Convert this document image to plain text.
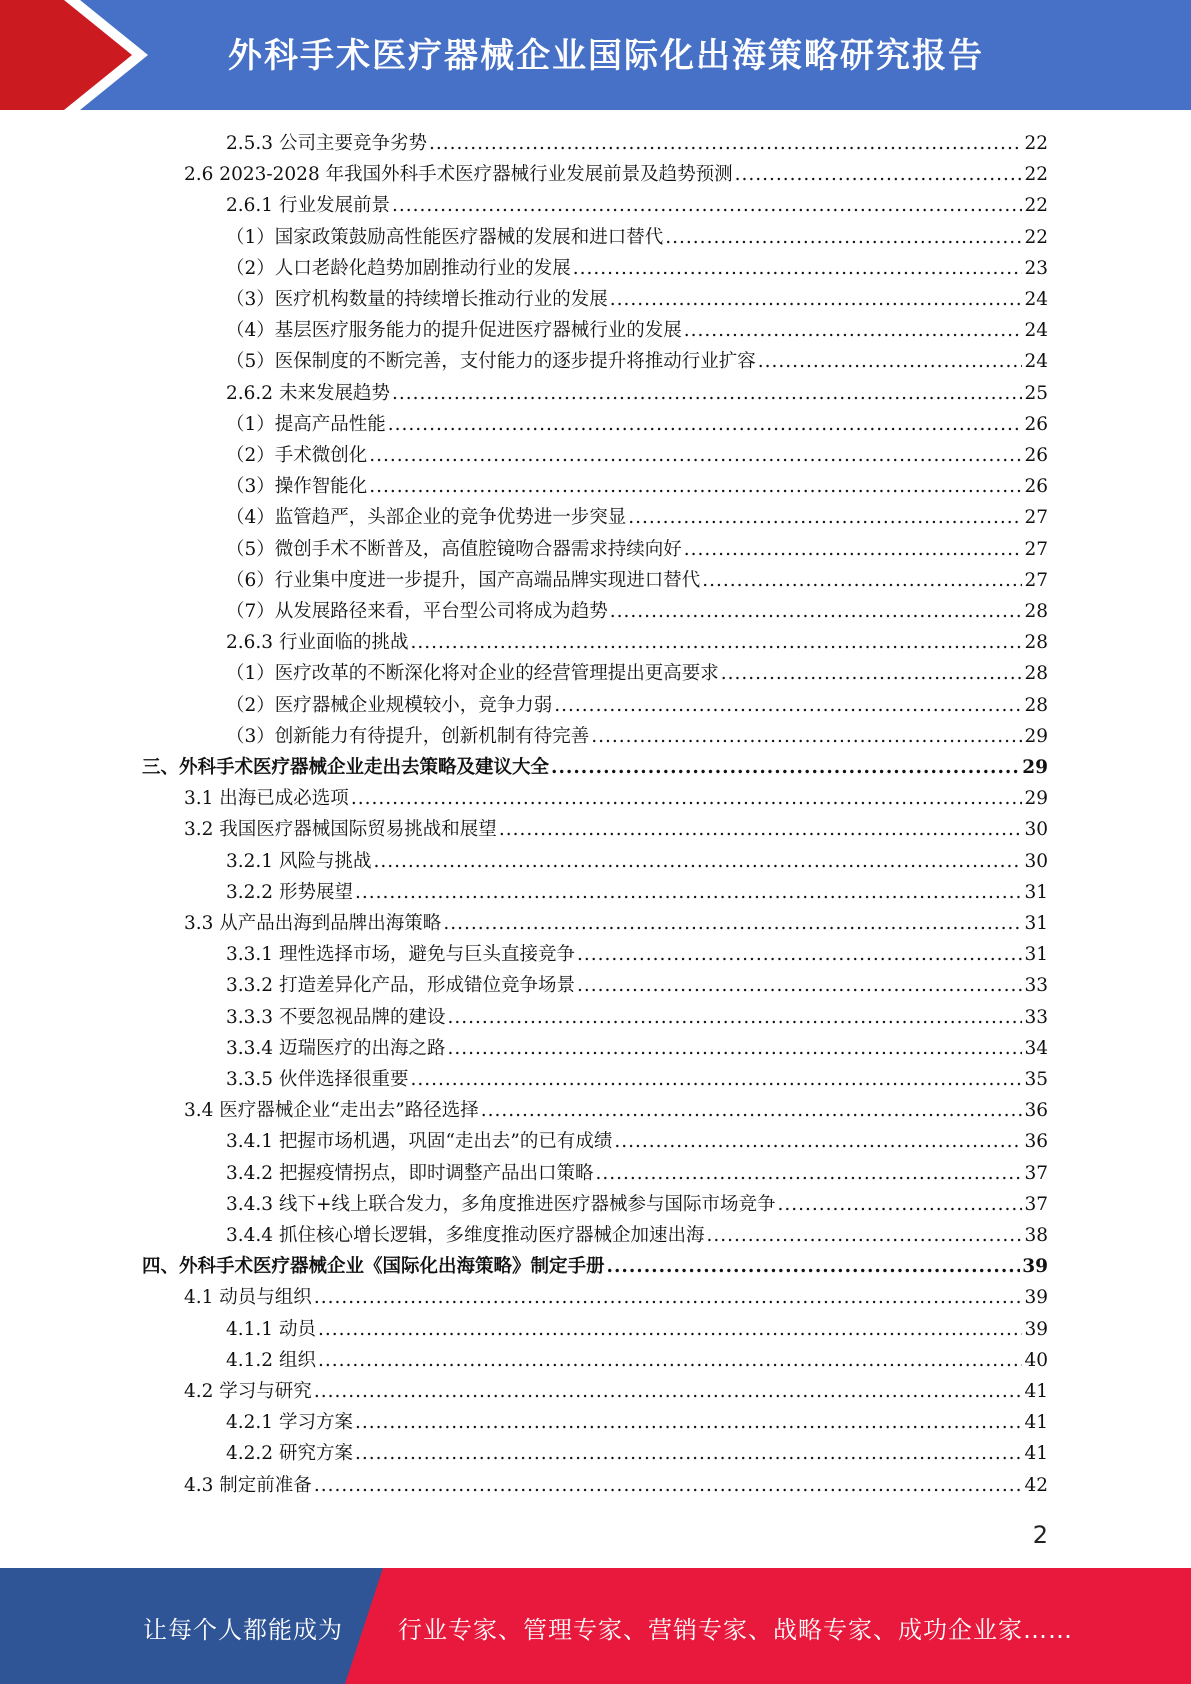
外科手术医疗器械企业国际化出海策略研究报告
2.5.3 公司主要竞争劣势 .....	22
2.6 2023-2028 年我国外科手术医疗器械行业发展前景及趋势预测 .....	22
2.6.1 行业发展前景 .....	22
（1）国家政策鼓励高性能医疗器械的发展和进口替代 .....	22
（2）人口老龄化趋势加剧推动行业的发展 .....	23
（3）医疗机构数量的持续增长推动行业的发展 .....	24
（4）基层医疗服务能力的提升促进医疗器械行业的发展 .....	24
（5）医保制度的不断完善，支付能力的逐步提升将推动行业扩容 .....	24
2.6.2 未来发展趋势 .....	25
（1）提高产品性能 .....	26
（2）手术微创化 .....	26
（3）操作智能化 .....	26
（4）监管趋严，头部企业的竞争优势进一步突显 .....	27
（5）微创手术不断普及，高值腔镜吻合器需求持续向好 .....	27
（6）行业集中度进一步提升，国产高端品牌实现进口替代 .....	27
（7）从发展路径来看，平台型公司将成为趋势 .....	28
2.6.3 行业面临的挑战 .....	28
（1）医疗改革的不断深化将对企业的经营管理提出更高要求 .....	28
（2）医疗器械企业规模较小，竞争力弱 .....	28
（3）创新能力有待提升，创新机制有待完善 .....	29
三、外科手术医疗器械企业走出去策略及建议大全 .....	29
3.1 出海已成必选项 .....	29
3.2 我国医疗器械国际贸易挑战和展望 .....	30
3.2.1 风险与挑战 .....	30
3.2.2 形势展望 .....	31
3.3 从产品出海到品牌出海策略 .....	31
3.3.1 理性选择市场，避免与巨头直接竞争 .....	31
3.3.2 打造差异化产品，形成错位竞争场景 .....	33
3.3.3 不要忽视品牌的建设 .....	33
3.3.4 迈瑞医疗的出海之路 .....	34
3.3.5 伙伴选择很重要 .....	35
3.4 医疗器械企业“走出去”路径选择 .....	36
3.4.1 把握市场机遇，巩固“走出去”的已有成绩 .....	36
3.4.2 把握疫情拐点，即时调整产品出口策略 .....	37
3.4.3 线下+线上联合发力，多角度推进医疗器械参与国际市场竞争 .....	37
3.4.4 抓住核心增长逻辑，多维度推动医疗器械企加速出海 .....	38
四、外科手术医疗器械企业《国际化出海策略》制定手册 .....	39
4.1 动员与组织 .....	39
4.1.1 动员 .....	39
4.1.2 组织 .....	40
4.2 学习与研究 .....	41
4.2.1 学习方案 .....	41
4.2.2 研究方案 .....	41
4.3 制定前准备 .....	42
2
让每个人都能成为 行业专家、管理专家、营销专家、战略专家、成功企业家……
